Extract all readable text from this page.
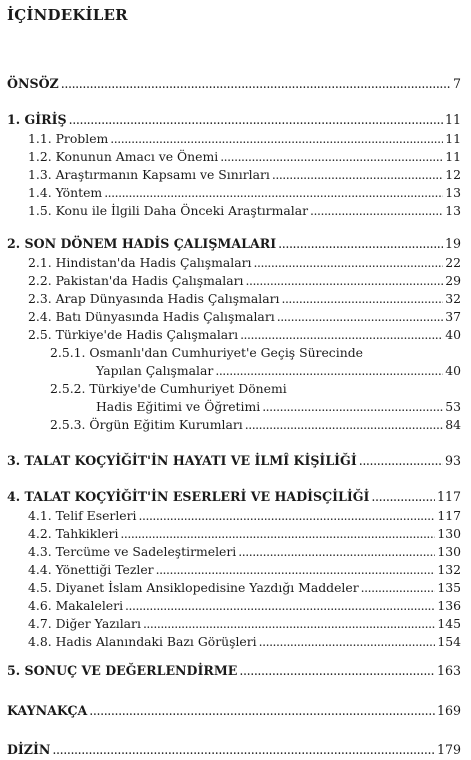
İÇİNDEKİLER
ÖNSÖZ . . .	7
1. GİRİŞ . . .	11
1.1. Problem . . .	11
1.2. Konunun Amacı ve Önemi . . .	11
1.3. Araştırmanın Kapsamı ve Sınırları . . .	12
1.4. Yöntem . . .	13
1.5. Konu ile İlgili Daha Önceki Araştırmalar . . .	13
2. SON DÖNEM HADİS ÇALIŞMALARI . . .	19
2.1. Hindistan'da Hadis Çalışmaları . . .	22
2.2. Pakistan'da Hadis Çalışmaları . . .	29
2.3. Arap Dünyasında Hadis Çalışmaları . . .	32
2.4. Batı Dünyasında Hadis Çalışmaları . . .	37
2.5. Türkiye'de Hadis Çalışmaları . . .	40
2.5.1. Osmanlı'dan Cumhuriyet'e Geçiş Sürecinde
Yapılan Çalışmalar . . .	40
2.5.2. Türkiye'de Cumhuriyet Dönemi
Hadis Eğitimi ve Öğretimi . . .	53
2.5.3. Örgün Eğitim Kurumları . . .	84
3. TALAT KOÇYİĞİT'İN HAYATI VE İLMÎ KİŞİLİĞİ . . .	93
4. TALAT KOÇYİĞİT'İN ESERLERİ VE HADİSÇİLİĞİ . . .	117
4.1. Telif Eserleri . . .	117
4.2. Tahkikleri . . .	130
4.3. Tercüme ve Sadeleştirmeleri . . .	130
4.4. Yönettiği Tezler . . .	132
4.5. Diyanet İslam Ansiklopedisine Yazdığı Maddeler . . .	135
4.6. Makaleleri . . .	136
4.7. Diğer Yazıları . . .	145
4.8. Hadis Alanındaki Bazı Görüşleri . . .	154
5. SONUÇ VE DEĞERLENDİRME . . .	163
KAYNAKÇA . . .	169
DİZİN . . .	179
